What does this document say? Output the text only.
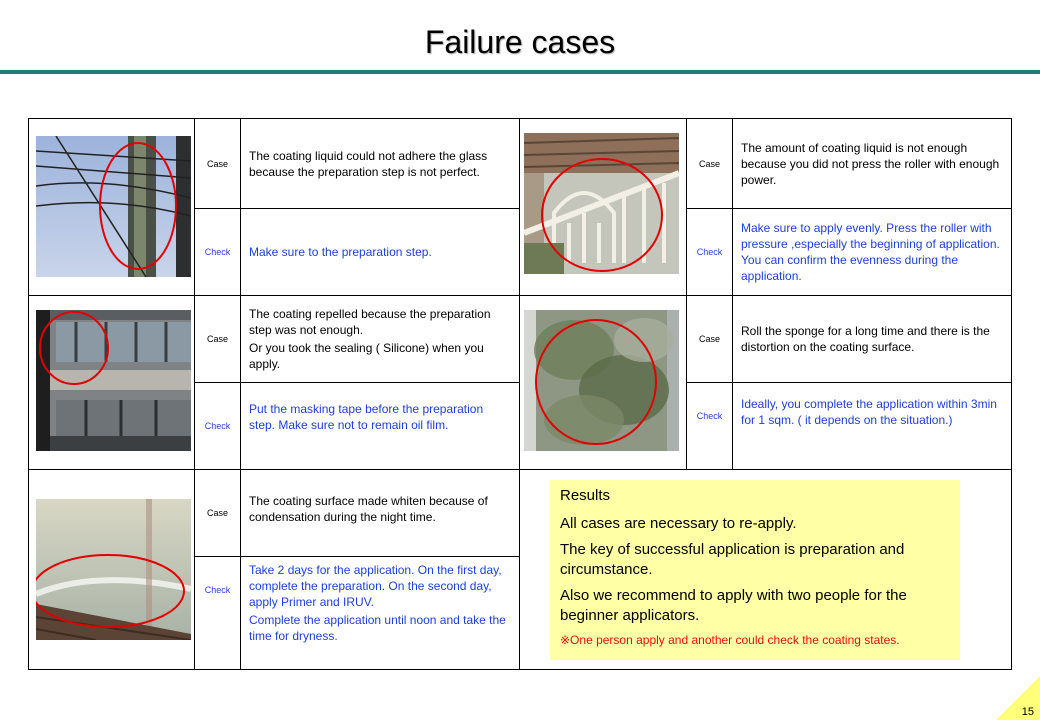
Failure cases
Case

The coating liquid could not adhere the glass because the preparation step is not perfect.

Check	Make sure to the preparation step.

Case

The amount of coating liquid is not enough because you did not press the roller with enough power.

Check

Make sure to apply evenly. Press the roller with pressure ,especially the beginning of application. You can confirm the evenness during the application.

Case

The coating repelled because the preparation step was not enough.

Or you took the sealing ( Silicone) when you apply.

Check

Put the masking tape before the preparation step. Make sure not to remain oil film.

Case

Roll the sponge for a long time and there is the distortion on the coating surface.

Check

Ideally, you complete the application within 3min for 1 sqm. ( it depends on the situation.)

Case

The coating surface made whiten because of condensation during the night time.

Check

Take 2 days for the application. On the first day, complete the preparation. On the second day, apply Primer and IRUV.

Complete the application until noon and take the time for dryness.

Results

All cases are necessary to re-apply.

The key of successful application is preparation and circumstance.

Also we recommend to apply with two people for the beginner applicators.

※One person apply and another could check the coating states.

15
